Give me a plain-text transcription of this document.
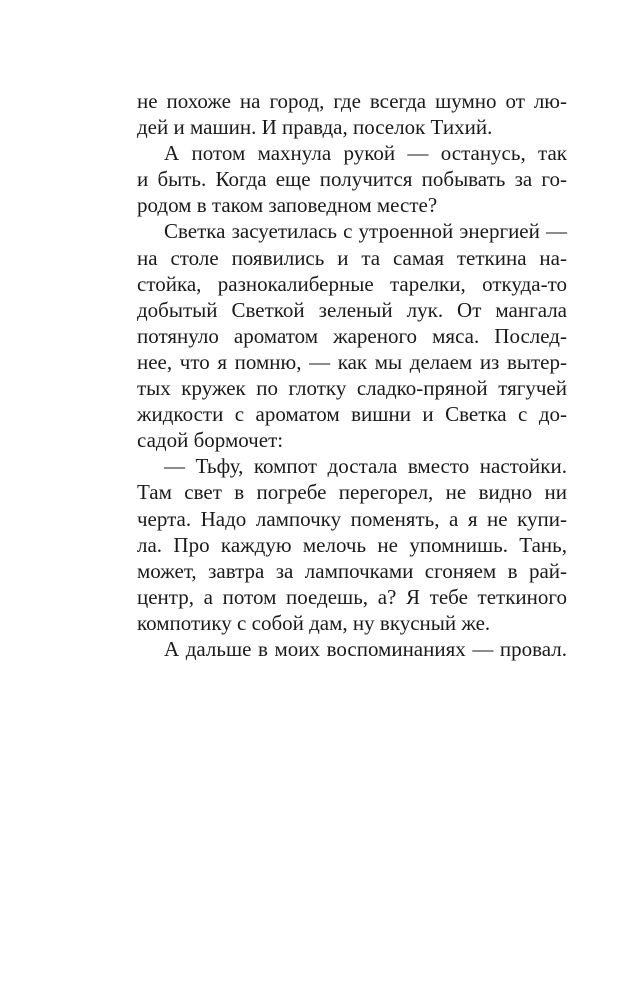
не похоже на город, где всегда шумно от лю-
дей и машин. И правда, поселок Тихий.
А потом махнула рукой — останусь, так
и быть. Когда еще получится побывать за го-
родом в таком заповедном месте?
Светка засуетилась с утроенной энергией —
на столе появились и та самая теткина на-
стойка, разнокалиберные тарелки, откуда-то
добытый Светкой зеленый лук. От мангала
потянуло ароматом жареного мяса. Послед-
нее, что я помню, — как мы делаем из вытер-
тых кружек по глотку сладко-пряной тягучей
жидкости с ароматом вишни и Светка с до-
садой бормочет:
— Тьфу, компот достала вместо настойки.
Там свет в погребе перегорел, не видно ни
черта. Надо лампочку поменять, а я не купи-
ла. Про каждую мелочь не упомнишь. Тань,
может, завтра за лампочками сгоняем в рай-
центр, а потом поедешь, а? Я тебе теткиного
компотику с собой дам, ну вкусный же.
А дальше в моих воспоминаниях — провал.
